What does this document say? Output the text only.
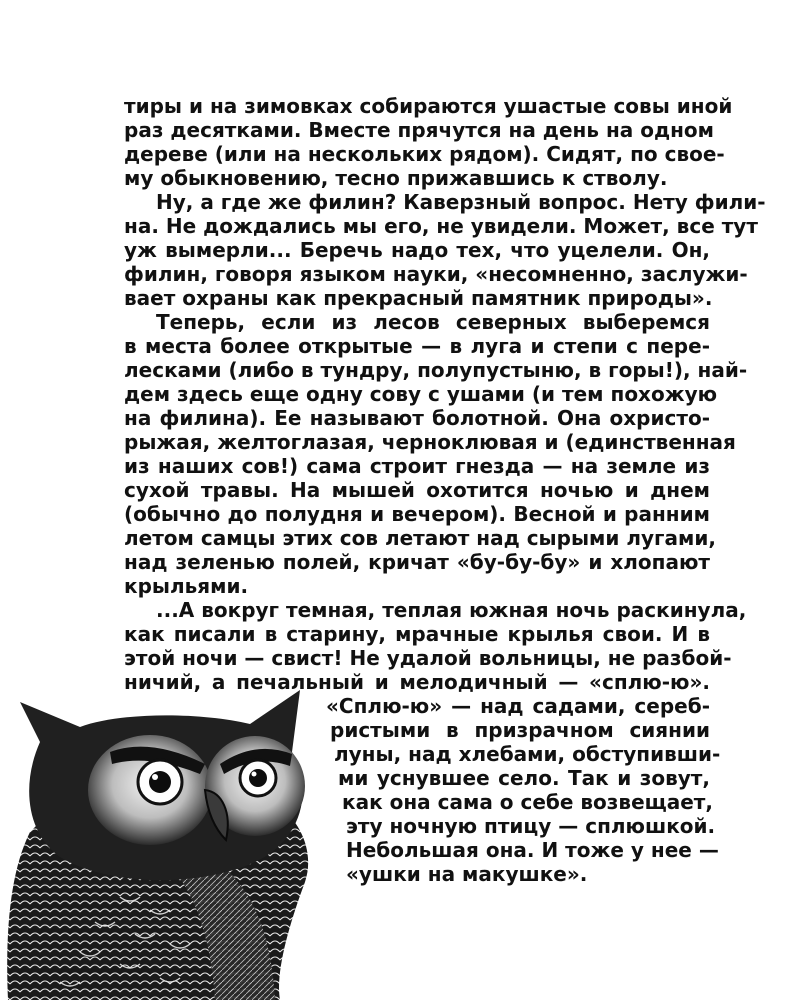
тиры и на зимовках собираются ушастые совы иной
раз десятками. Вместе прячутся на день на одном
дереве (или на нескольких рядом). Сидят, по свое-
му обыкновению, тесно прижавшись к стволу.
Ну, а где же филин? Каверзный вопрос. Нету фили-
на. Не дождались мы его, не увидели. Может, все тут
уж вымерли... Беречь надо тех, что уцелели. Он,
филин, говоря языком науки, «несомненно, заслужи-
вает охраны как прекрасный памятник природы».
Теперь, если из лесов северных выберемся
в места более открытые — в луга и степи с пере-
лесками (либо в тундру, полупустыню, в горы!), най-
дем здесь еще одну сову с ушами (и тем похожую
на филина). Ее называют болотной. Она охристо-
рыжая, желтоглазая, черноклювая и (единственная
из наших сов!) сама строит гнезда — на земле из
сухой травы. На мышей охотится ночью и днем
(обычно до полудня и вечером). Весной и ранним
летом самцы этих сов летают над сырыми лугами,
над зеленью полей, кричат «бу-бу-бу» и хлопают
крыльями.
...А вокруг темная, теплая южная ночь раскинула,
как писали в старину, мрачные крылья свои. И в
этой ночи — свист! Не удалой вольницы, не разбой-
ничий, а печальный и мелодичный — «сплю-ю».
«Сплю-ю» — над садами, сереб-
ристыми в призрачном сиянии
луны, над хлебами, обступивши-
ми уснувшее село. Так и зовут,
как она сама о себе возвещает,
эту ночную птицу — сплюшкой.
Небольшая она. И тоже у нее —
«ушки на макушке».
